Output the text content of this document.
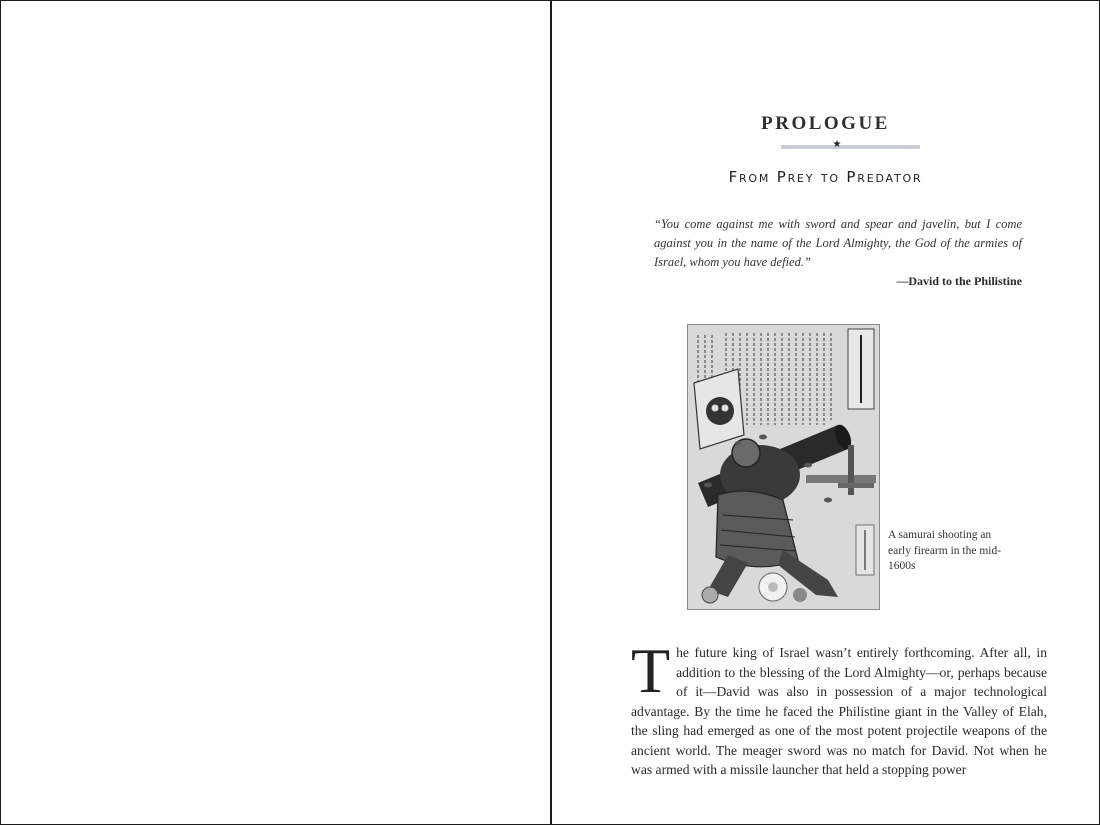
PROLOGUE
★
From Prey to Predator

“You come against me with sword and spear and javelin, but I come against you in the name of the Lord Almighty, the God of the armies of Israel, whom you have defied.”

—David to the Philistine

A samurai shooting an early firearm in the mid-1600s

The future king of Israel wasn’t entirely forthcoming. After all, in addition to the blessing of the Lord Almighty—or, perhaps because of it—David was also in possession of a major technological advantage. By the time he faced the Philistine giant in the Valley of Elah, the sling had emerged as one of the most potent projectile weapons of the ancient world. The meager sword was no match for David. Not when he was armed with a missile launcher that held a stopping power
